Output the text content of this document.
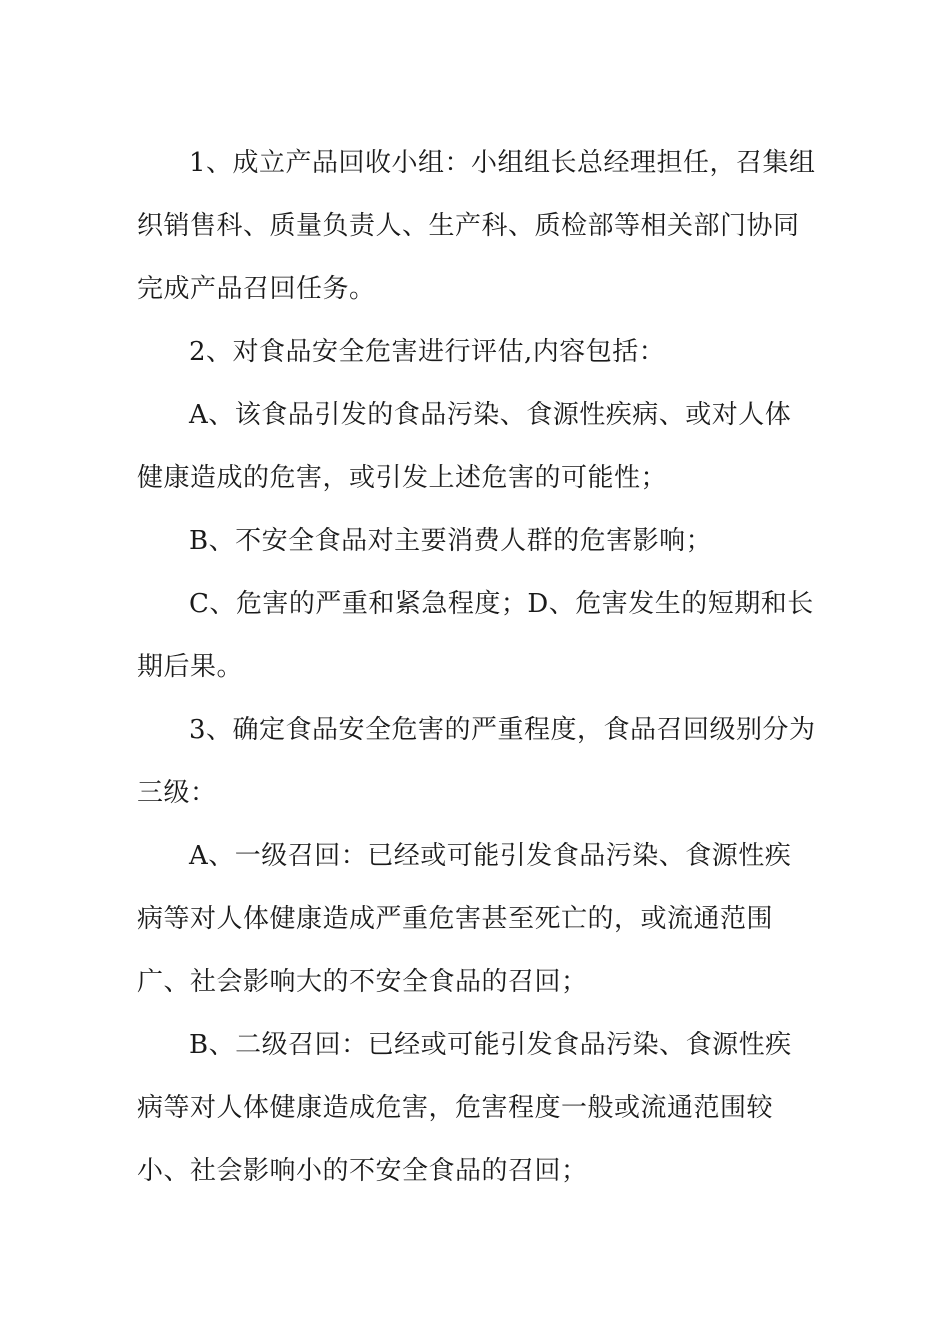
1、成立产品回收小组：小组组长总经理担任，召集组织销售科、质量负责人、生产科、质检部等相关部门协同完成产品召回任务。

2、对食品安全危害进行评估,内容包括：

A、该食品引发的食品污染、食源性疾病、或对人体健康造成的危害，或引发上述危害的可能性；

B、不安全食品对主要消费人群的危害影响；

C、危害的严重和紧急程度；D、危害发生的短期和长期后果。

3、确定食品安全危害的严重程度，食品召回级别分为三级：

A、一级召回：已经或可能引发食品污染、食源性疾病等对人体健康造成严重危害甚至死亡的，或流通范围广、社会影响大的不安全食品的召回；

B、二级召回：已经或可能引发食品污染、食源性疾病等对人体健康造成危害，危害程度一般或流通范围较小、社会影响小的不安全食品的召回；
